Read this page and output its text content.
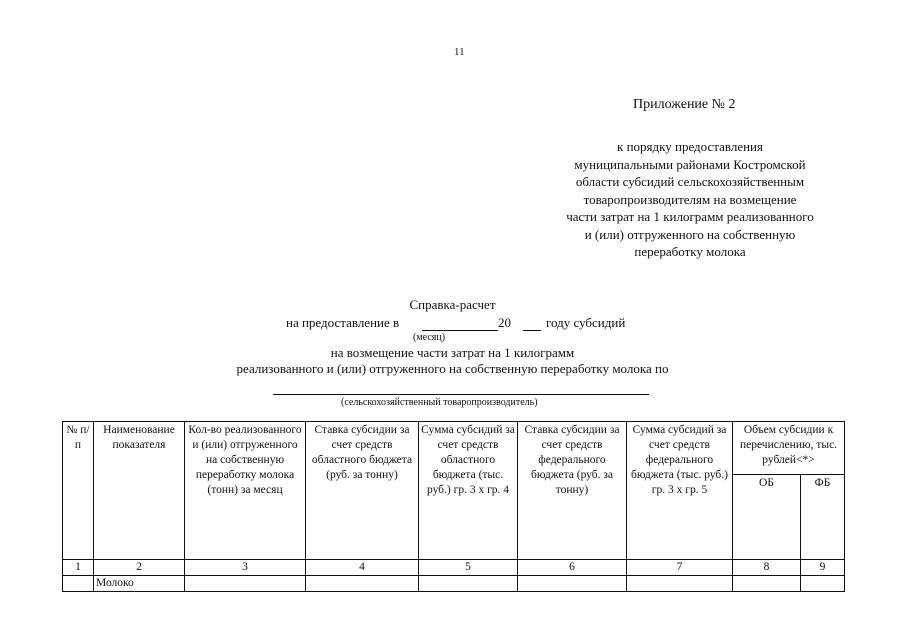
11
Приложение № 2
к порядку предоставления
муниципальными районами Костромской
области субсидий сельскохозяйственным
товаропроизводителям на возмещение
части затрат на 1 килограмм реализованного
и (или) отгруженного на собственную
переработку молока
Справка-расчет
на предоставление в	20	году субсидий
(месяц)
на возмещение части затрат на 1 килограмм
реализованного и (или) отгруженного на собственную переработку молока по
(сельскохозяйственный товаропроизводитель)
№ п/п	Наименование показателя	Кол-во реализованного и (или) отгруженного на собственную переработку молока (тонн) за месяц	Ставка субсидии за счет средств областного бюджета (руб. за тонну)	Сумма субсидий за счет средств областного бюджета (тыс. руб.) гр. 3 х гр. 4	Ставка субсидии за счет средств федерального бюджета (руб. за тонну)	Сумма субсидий за счет средств федерального бюджета (тыс. руб.) гр. 3 х гр. 5	Объем субсидии к перечислению, тыс. рублей<*>	
							ОБ	ФБ
1	2	3	4	5	6	7	8	9
	Молоко							
